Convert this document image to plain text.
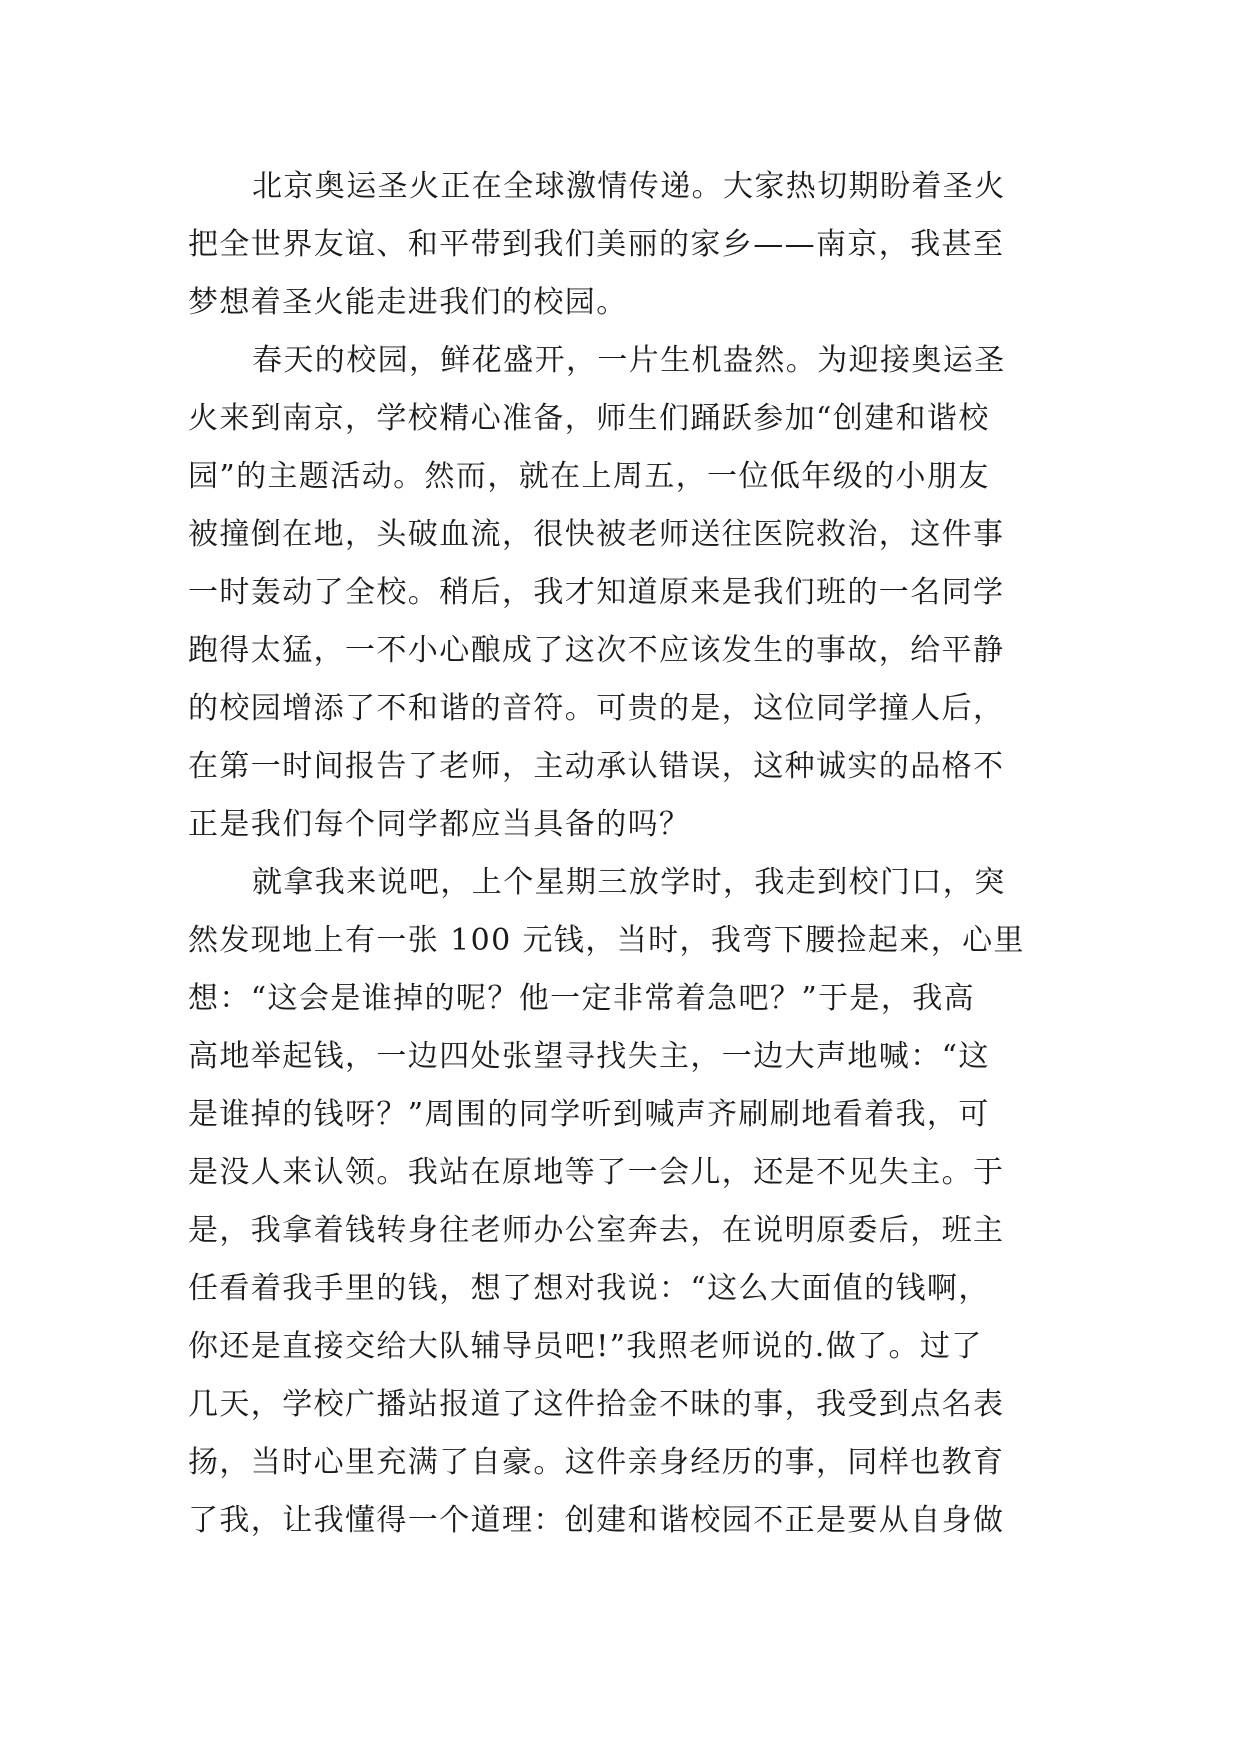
北京奥运圣火正在全球激情传递。大家热切期盼着圣火
把全世界友谊、和平带到我们美丽的家乡——南京，我甚至
梦想着圣火能走进我们的校园。
春天的校园，鲜花盛开，一片生机盎然。为迎接奥运圣
火来到南京，学校精心准备，师生们踊跃参加“创建和谐校
园”的主题活动。然而，就在上周五，一位低年级的小朋友
被撞倒在地，头破血流，很快被老师送往医院救治，这件事
一时轰动了全校。稍后，我才知道原来是我们班的一名同学
跑得太猛，一不小心酿成了这次不应该发生的事故，给平静
的校园增添了不和谐的音符。可贵的是，这位同学撞人后，
在第一时间报告了老师，主动承认错误，这种诚实的品格不
正是我们每个同学都应当具备的吗？
就拿我来说吧，上个星期三放学时，我走到校门口，突
然发现地上有一张 100 元钱，当时，我弯下腰捡起来，心里
想：“这会是谁掉的呢？他一定非常着急吧？”于是，我高
高地举起钱，一边四处张望寻找失主，一边大声地喊：“这
是谁掉的钱呀？”周围的同学听到喊声齐刷刷地看着我，可
是没人来认领。我站在原地等了一会儿，还是不见失主。于
是，我拿着钱转身往老师办公室奔去，在说明原委后，班主
任看着我手里的钱，想了想对我说：“这么大面值的钱啊，
你还是直接交给大队辅导员吧!”我照老师说的.做了。过了
几天，学校广播站报道了这件拾金不昧的事，我受到点名表
扬，当时心里充满了自豪。这件亲身经历的事，同样也教育
了我，让我懂得一个道理：创建和谐校园不正是要从自身做
